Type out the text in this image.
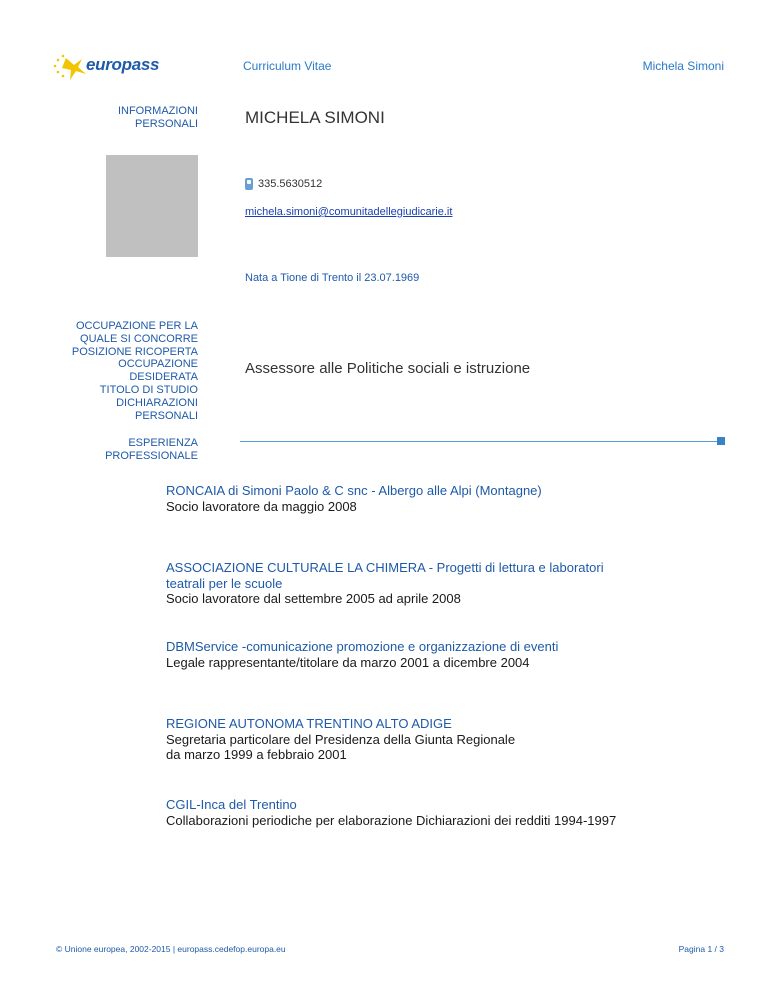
europass	Curriculum Vitae	Michela Simoni
INFORMAZIONI PERSONALI	MICHELA SIMONI
335.5630512
michela.simoni@comunitadellegiudicarie.it
Nata a Tione di Trento il 23.07.1969
OCCUPAZIONE PER LA
QUALE SI CONCORRE
POSIZIONE RICOPERTA
OCCUPAZIONE
DESIDERATA
TITOLO DI STUDIO
DICHIARAZIONI
PERSONALI
Assessore alle Politiche sociali e istruzione
ESPERIENZA
PROFESSIONALE
RONCAIA di Simoni Paolo & C snc - Albergo alle Alpi (Montagne)
Socio lavoratore da maggio 2008
ASSOCIAZIONE CULTURALE LA CHIMERA - Progetti di lettura e laboratori teatrali per le scuole
Socio lavoratore dal settembre 2005 ad aprile 2008
DBMService -comunicazione promozione e organizzazione di eventi
Legale rappresentante/titolare da marzo 2001 a dicembre 2004
REGIONE AUTONOMA TRENTINO ALTO ADIGE
Segretaria particolare del Presidenza della Giunta Regionale
da marzo 1999 a febbraio 2001
CGIL-Inca del Trentino
Collaborazioni periodiche per elaborazione Dichiarazioni dei redditi 1994-1997
© Unione europea, 2002-2015 | europass.cedefop.europa.eu	Pagina 1 / 3
